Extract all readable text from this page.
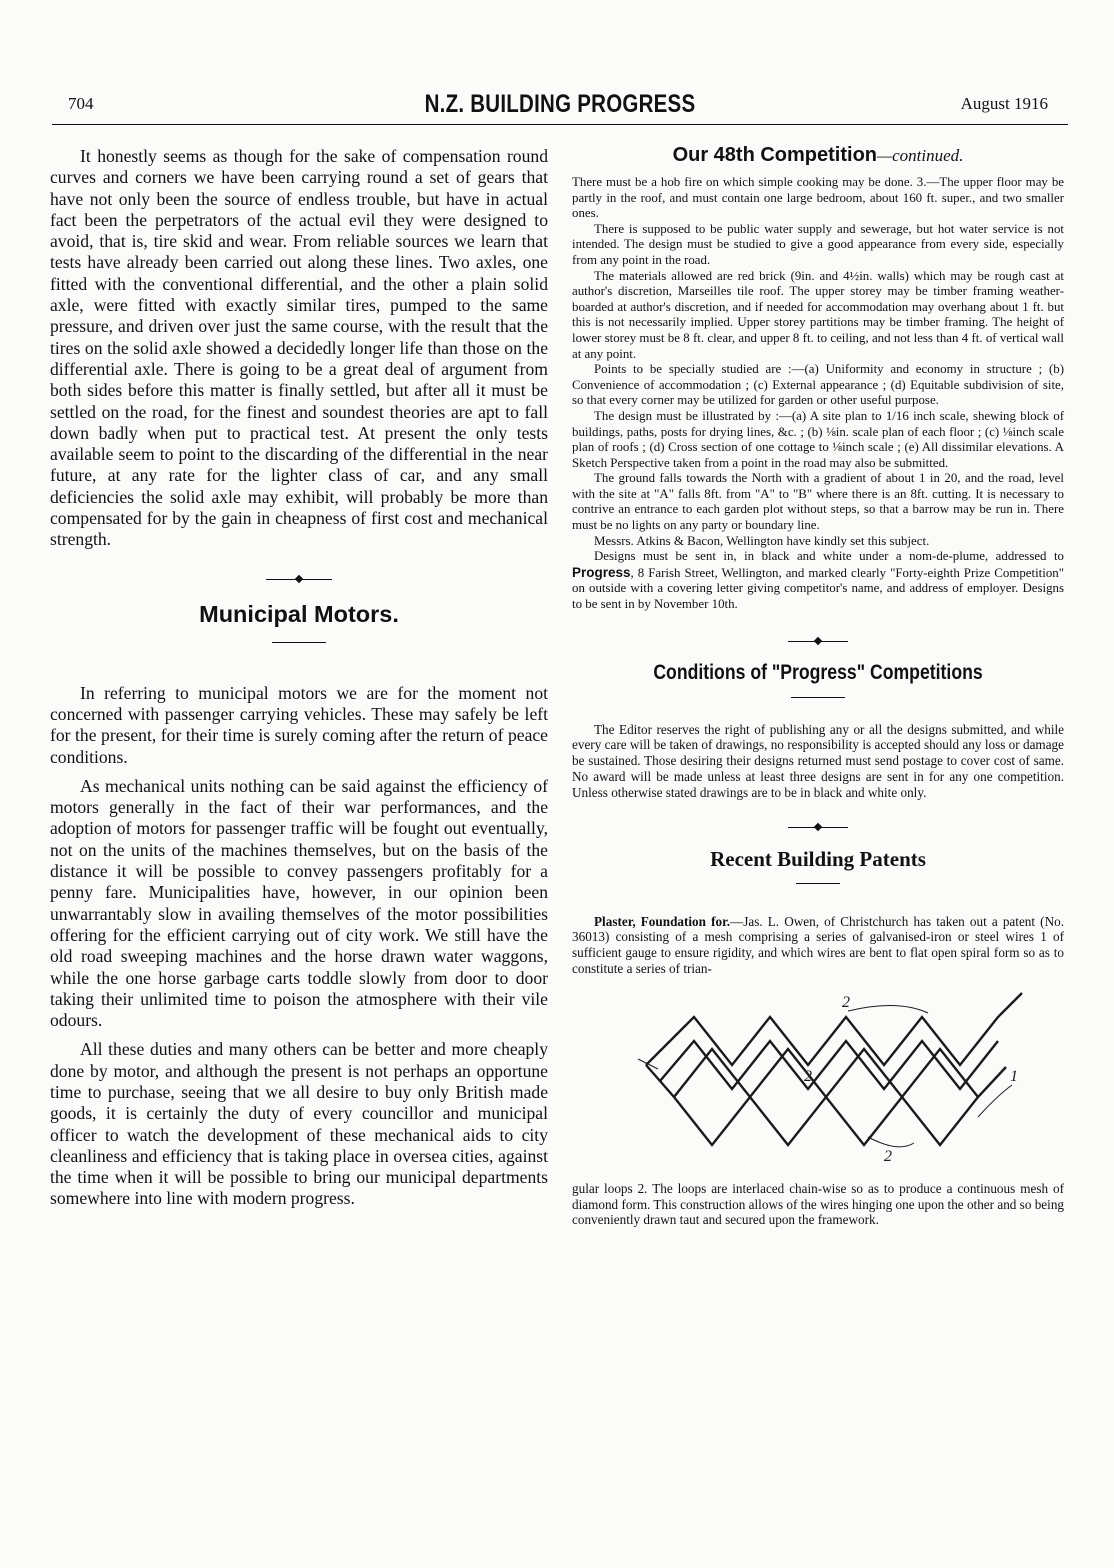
704	N.Z. BUILDING PROGRESS	August 1916

It honestly seems as though for the sake of compensation round curves and corners we have been carrying round a set of gears that have not only been the source of endless trouble, but have in actual fact been the perpetrators of the actual evil they were designed to avoid, that is, tire skid and wear. From reliable sources we learn that tests have already been carried out along these lines. Two axles, one fitted with the conventional differential, and the other a plain solid axle, were fitted with exactly similar tires, pumped to the same pressure, and driven over just the same course, with the result that the tires on the solid axle showed a decidedly longer life than those on the differential axle. There is going to be a great deal of argument from both sides before this matter is finally settled, but after all it must be settled on the road, for the finest and soundest theories are apt to fall down badly when put to practical test. At present the only tests available seem to point to the discarding of the differential in the near future, at any rate for the lighter class of car, and any small deficiencies the solid axle may exhibit, will probably be more than compensated for by the gain in cheapness of first cost and mechanical strength.

Municipal Motors.

In referring to municipal motors we are for the moment not concerned with passenger carrying vehicles. These may safely be left for the present, for their time is surely coming after the return of peace conditions.

As mechanical units nothing can be said against the efficiency of motors generally in the fact of their war performances, and the adoption of motors for passenger traffic will be fought out eventually, not on the units of the machines themselves, but on the basis of the distance it will be possible to convey passengers profitably for a penny fare. Municipalities have, however, in our opinion been unwarrantably slow in availing themselves of the motor possibilities offering for the efficient carrying out of city work. We still have the old road sweeping machines and the horse drawn water waggons, while the one horse garbage carts toddle slowly from door to door taking their unlimited time to poison the atmosphere with their vile odours.

All these duties and many others can be better and more cheaply done by motor, and although the present is not perhaps an opportune time to purchase, seeing that we all desire to buy only British made goods, it is certainly the duty of every councillor and municipal officer to watch the development of these mechanical aids to city cleanliness and efficiency that is taking place in oversea cities, against the time when it will be possible to bring our municipal departments somewhere into line with modern progress.

Our 48th Competition—continued.

There must be a hob fire on which simple cooking may be done. 3.—The upper floor may be partly in the roof, and must contain one large bedroom, about 160 ft. super., and two smaller ones.

There is supposed to be public water supply and sewerage, but hot water service is not intended. The design must be studied to give a good appearance from every side, especially from any point in the road.

The materials allowed are red brick (9in. and 4½in. walls) which may be rough cast at author's discretion, Marseilles tile roof. The upper storey may be timber framing weather-boarded at author's discretion, and if needed for accommodation may overhang about 1 ft. but this is not necessarily implied. Upper storey partitions may be timber framing. The height of lower storey must be 8 ft. clear, and upper 8 ft. to ceiling, and not less than 4 ft. of vertical wall at any point.

Points to be specially studied are :—(a) Uniformity and economy in structure ; (b) Convenience of accommodation ; (c) External appearance ; (d) Equitable subdivision of site, so that every corner may be utilized for garden or other useful purpose.

The design must be illustrated by :—(a) A site plan to 1/16 inch scale, shewing block of buildings, paths, posts for drying lines, &c. ; (b) ⅛in. scale plan of each floor ; (c) ⅛inch scale plan of roofs ; (d) Cross section of one cottage to ⅛inch scale ; (e) All dissimilar elevations. A Sketch Perspective taken from a point in the road may also be submitted.

The ground falls towards the North with a gradient of about 1 in 20, and the road, level with the site at "A" falls 8ft. from "A" to "B" where there is an 8ft. cutting. It is necessary to contrive an entrance to each garden plot without steps, so that a barrow may be run in. There must be no lights on any party or boundary line.

Messrs. Atkins & Bacon, Wellington have kindly set this subject.

Designs must be sent in, in black and white under a nom-de-plume, addressed to Progress, 8 Farish Street, Wellington, and marked clearly "Forty-eighth Prize Competition" on outside with a covering letter giving competitor's name, and address of employer. Designs to be sent in by November 10th.

Conditions of "Progress" Competitions

The Editor reserves the right of publishing any or all the designs submitted, and while every care will be taken of drawings, no responsibility is accepted should any loss or damage be sustained. Those desiring their designs returned must send postage to cover cost of same. No award will be made unless at least three designs are sent in for any one competition. Unless otherwise stated drawings are to be in black and white only.

Recent Building Patents

Plaster, Foundation for.—Jas. L. Owen, of Christchurch has taken out a patent (No. 36013) consisting of a mesh comprising a series of galvanised-iron or steel wires 1 of sufficient gauge to ensure rigidity, and which wires are bent to flat open spiral form so as to constitute a series of trian-

2
2
2
1

gular loops 2. The loops are interlaced chain-wise so as to produce a continuous mesh of diamond form. This construction allows of the wires hinging one upon the other and so being conveniently drawn taut and secured upon the framework.
